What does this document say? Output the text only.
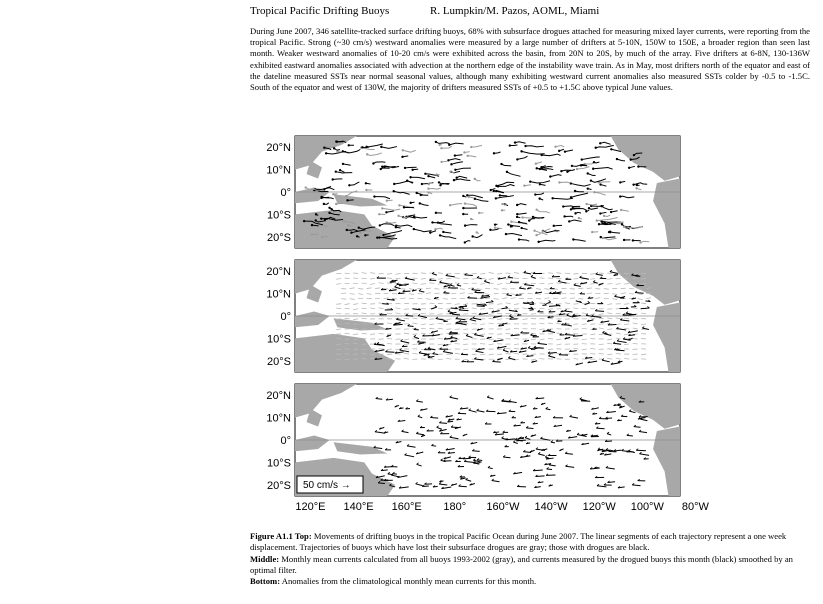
Tropical Pacific Drifting Buoys	R. Lumpkin/M. Pazos, AOML, Miami
During June 2007, 346 satellite-tracked surface drifting buoys, 68% with subsurface drogues attached for measuring mixed layer currents, were reporting from the tropical Pacific. Strong (~30 cm/s) westward anomalies were measured by a large number of drifters at 5-10N, 150W to 150E, a broader region than seen last month. Weaker westward anomalies of 10-20 cm/s were exhibited across the basin, from 20N to 20S, by much of the array. Five drifters at 6-8N, 130-136W exhibited eastward anomalies associated with advection at the northern edge of the instability wave train. As in May, most drifters north of the equator and east of the dateline measured SSTs near normal seasonal values, although many exhibiting westward current anomalies also measured SSTs colder by -0.5 to -1.5C. South of the equator and west of 130W, the majority of drifters measured SSTs of +0.5 to +1.5C above typical June values.
20°N
10°N
0°
10°S
20°S
20°N
10°N
0°
10°S
20°S
20°N
10°N
0°
10°S
20°S 50 cm/s →
120°E 140°E 160°E 180° 160°W 140°W 120°W 100°W 80°W

Figure A1.1 Top: Movements of drifting buoys in the tropical Pacific Ocean during June 2007. The linear segments of each trajectory represent a one week displacement. Trajectories of buoys which have lost their subsurface drogues are gray; those with drogues are black.

Middle: Monthly mean currents calculated from all buoys 1993-2002 (gray), and currents measured by the drogued buoys this month (black) smoothed by an optimal filter.

Bottom: Anomalies from the climatological monthly mean currents for this month.
